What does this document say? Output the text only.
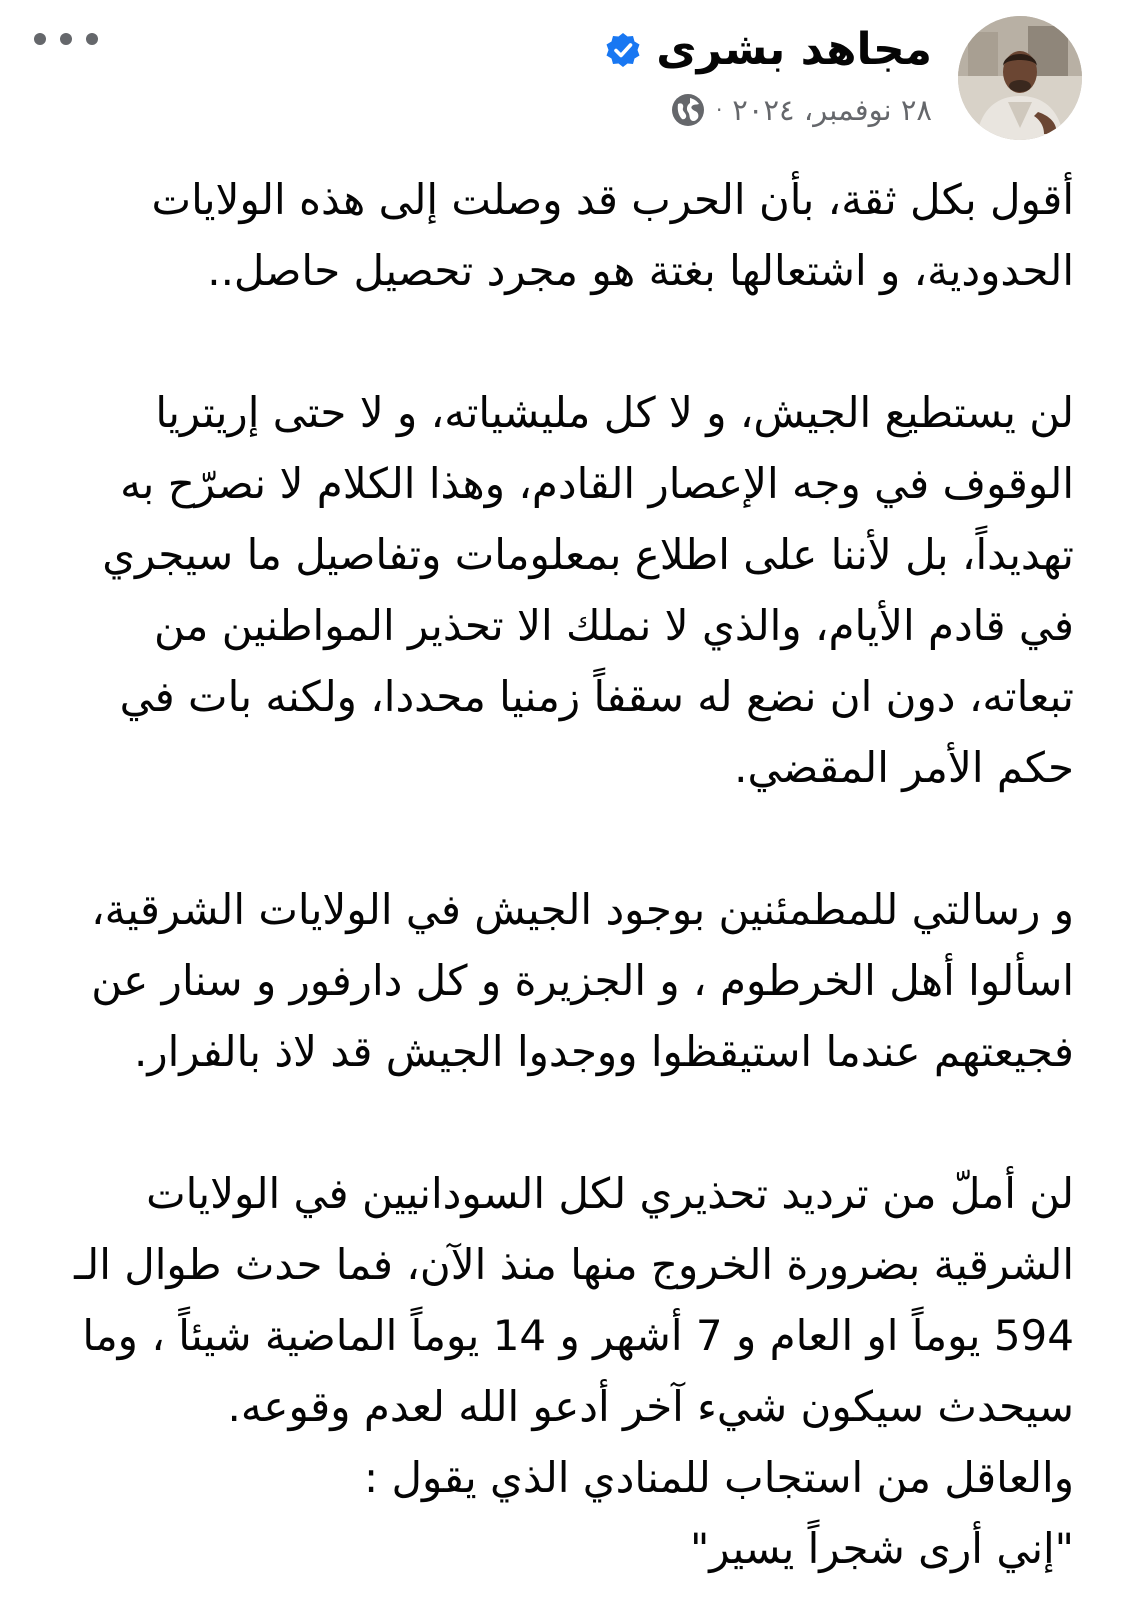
مجاهد بشرى
٢٨ نوفمبر، ٢٠٢٤
·

أقول بكل ثقة، بأن الحرب قد وصلت إلى هذه الولايات
الحدودية، و اشتعالها بغتة هو مجرد تحصيل حاصل..

لن يستطيع الجيش، و لا كل مليشياته، و لا حتى إريتريا
الوقوف في وجه الإعصار القادم، وهذا الكلام لا نصرّح به
تهديداً، بل لأننا على اطلاع بمعلومات وتفاصيل ما سيجري
في قادم الأيام، والذي لا نملك الا تحذير المواطنين من
تبعاته، دون ان نضع له سقفاً زمنيا محددا، ولكنه بات في
حكم الأمر المقضي.

و رسالتي للمطمئنين بوجود الجيش في الولايات الشرقية،
اسألوا أهل الخرطوم ، و الجزيرة و كل دارفور و سنار عن
فجيعتهم عندما استيقظوا ووجدوا الجيش قد لاذ بالفرار.

لن أملّ من ترديد تحذيري لكل السودانيين في الولايات
الشرقية بضرورة الخروج منها منذ الآن، فما حدث طوال الـ
594 يوماً او العام و 7 أشهر و 14 يوماً الماضية شيئاً ، وما
سيحدث سيكون شيء آخر أدعو الله لعدم وقوعه.
والعاقل من استجاب للمنادي الذي يقول :
"إني أرى شجراً يسير"
